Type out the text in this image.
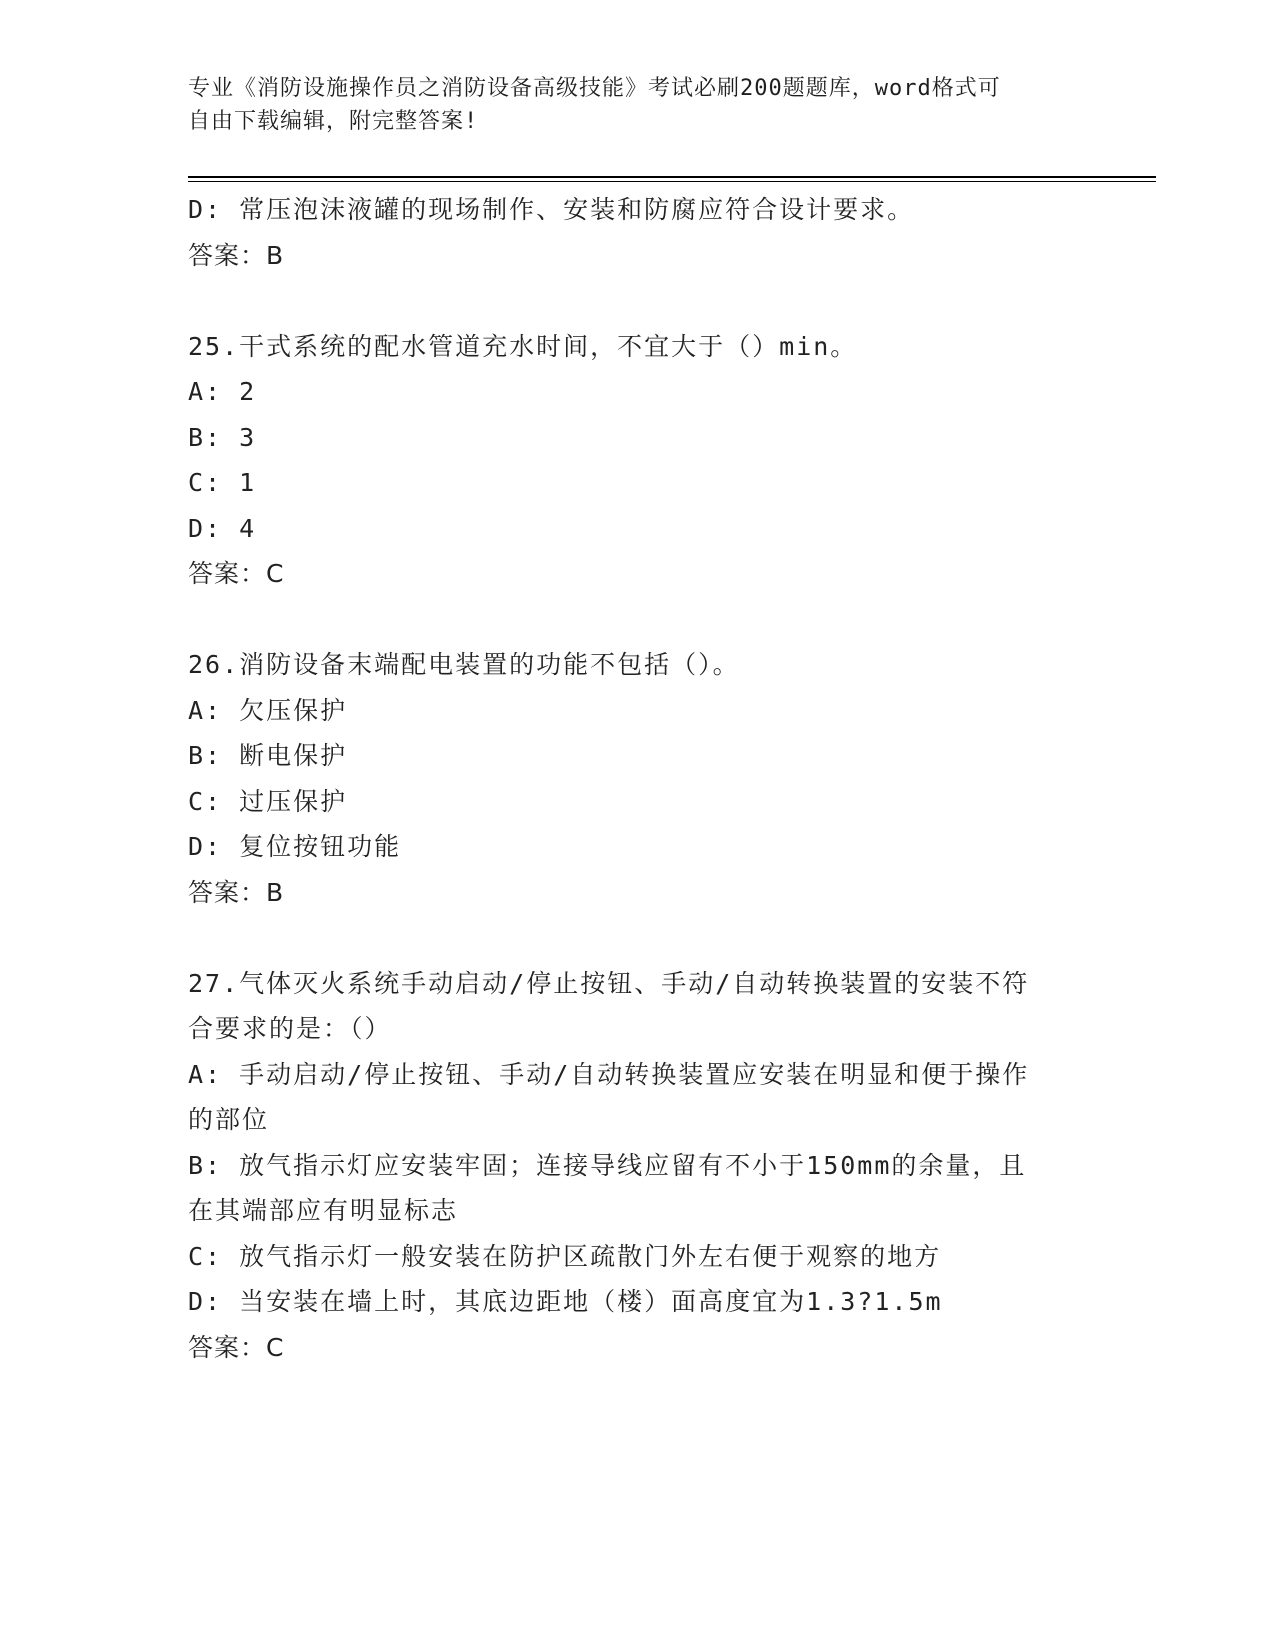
专业《消防设施操作员之消防设备高级技能》考试必刷200题题库，word格式可
自由下载编辑，附完整答案!

D: 常压泡沫液罐的现场制作、安装和防腐应符合设计要求。

答案：B

25.干式系统的配水管道充水时间，不宜大于（）min。

A: 2

B: 3

C: 1

D: 4

答案：C

26.消防设备末端配电装置的功能不包括（）。

A: 欠压保护

B: 断电保护

C: 过压保护

D: 复位按钮功能

答案：B

27.气体灭火系统手动启动/停止按钮、手动/自动转换装置的安装不符

合要求的是：（）

A: 手动启动/停止按钮、手动/自动转换装置应安装在明显和便于操作

的部位

B: 放气指示灯应安装牢固；连接导线应留有不小于150mm的余量，且

在其端部应有明显标志

C: 放气指示灯一般安装在防护区疏散门外左右便于观察的地方

D: 当安装在墙上时，其底边距地（楼）面高度宜为1.3?1.5m

答案：C
